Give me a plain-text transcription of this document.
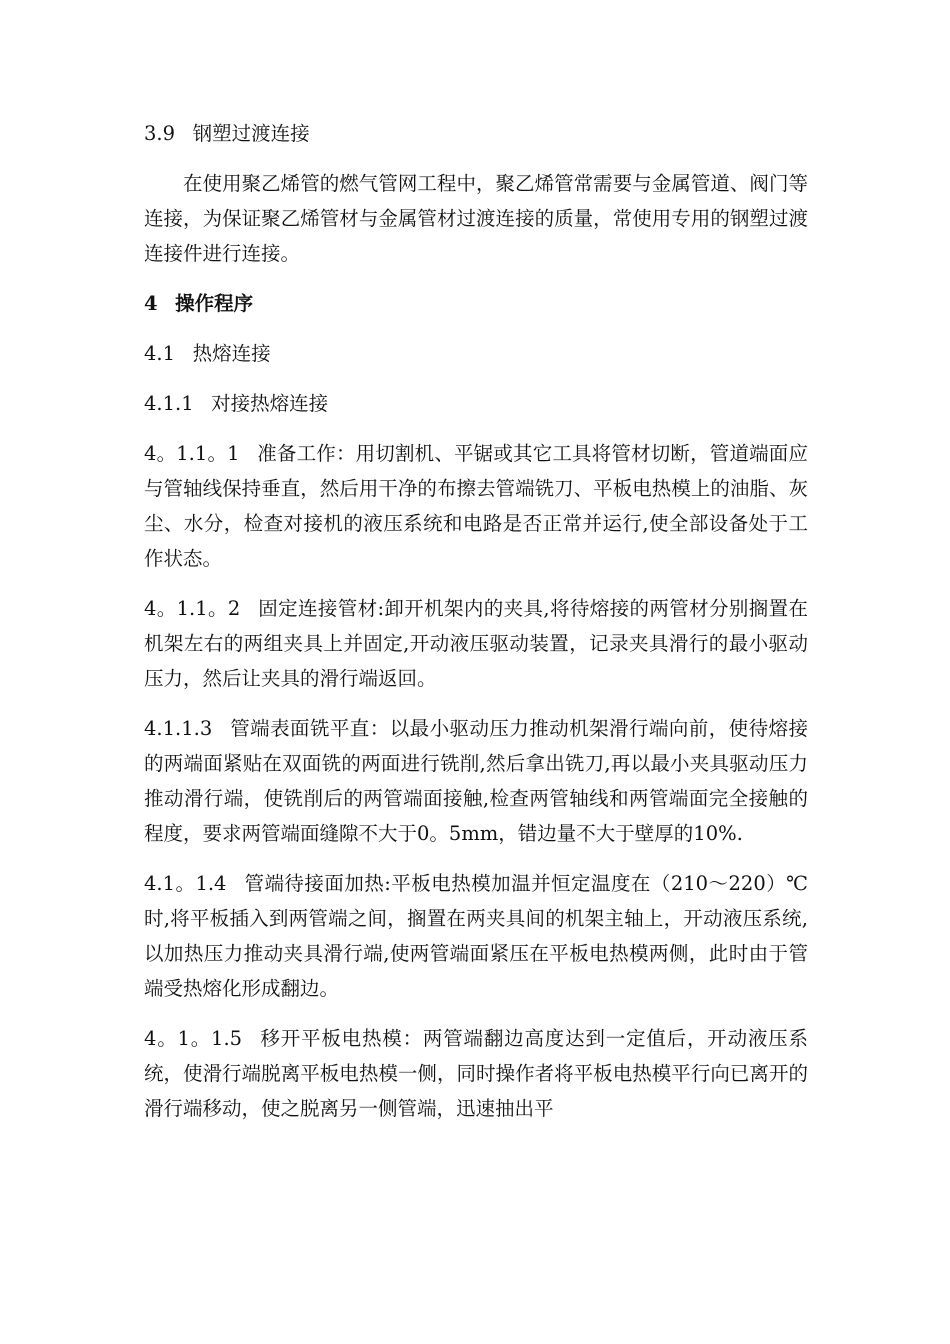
3.9 钢塑过渡连接

在使用聚乙烯管的燃气管网工程中，聚乙烯管常需要与金属管道、阀门等连接，为保证聚乙烯管材与金属管材过渡连接的质量，常使用专用的钢塑过渡连接件进行连接。

4 操作程序
4.1 热熔连接
4.1.1 对接热熔连接

4。1.1。1 准备工作：用切割机、平锯或其它工具将管材切断，管道端面应与管轴线保持垂直，然后用干净的布擦去管端铣刀、平板电热模上的油脂、灰尘、水分，检查对接机的液压系统和电路是否正常并运行,使全部设备处于工作状态。

4。1.1。2 固定连接管材:卸开机架内的夹具,将待熔接的两管材分别搁置在机架左右的两组夹具上并固定,开动液压驱动装置，记录夹具滑行的最小驱动压力，然后让夹具的滑行端返回。

4.1.1.3 管端表面铣平直：以最小驱动压力推动机架滑行端向前，使待熔接的两端面紧贴在双面铣的两面进行铣削,然后拿出铣刀,再以最小夹具驱动压力推动滑行端，使铣削后的两管端面接触,检查两管轴线和两管端面完全接触的程度，要求两管端面缝隙不大于0。5mm，错边量不大于壁厚的10%.

4.1。1.4 管端待接面加热:平板电热模加温并恒定温度在（210～220）℃时,将平板插入到两管端之间，搁置在两夹具间的机架主轴上，开动液压系统,以加热压力推动夹具滑行端,使两管端面紧压在平板电热模两侧，此时由于管端受热熔化形成翻边。

4。1。1.5 移开平板电热模：两管端翻边高度达到一定值后，开动液压系统，使滑行端脱离平板电热模一侧，同时操作者将平板电热模平行向已离开的滑行端移动，使之脱离另一侧管端，迅速抽出平
